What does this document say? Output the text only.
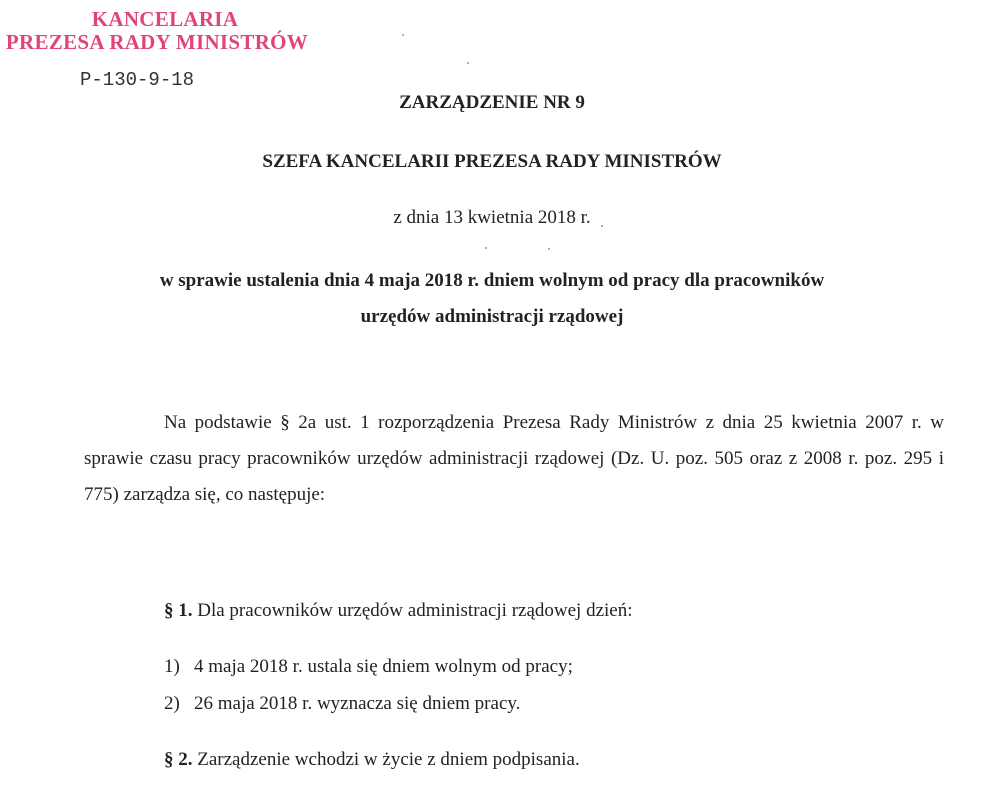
KANCELARIA
PREZESA RADY MINISTRÓW
P-130-9-18
ZARZĄDZENIE NR 9
SZEFA KANCELARII PREZESA RADY MINISTRÓW
z dnia 13 kwietnia 2018 r.
w sprawie ustalenia dnia 4 maja 2018 r. dniem wolnym od pracy dla pracowników
urzędów administracji rządowej
Na podstawie § 2a ust. 1 rozporządzenia Prezesa Rady Ministrów z dnia 25 kwietnia 2007 r. w sprawie czasu pracy pracowników urzędów administracji rządowej (Dz. U. poz. 505 oraz z 2008 r. poz. 295 i 775) zarządza się, co następuje:
§ 1. Dla pracowników urzędów administracji rządowej dzień:
1) 4 maja 2018 r. ustala się dniem wolnym od pracy;
2) 26 maja 2018 r. wyznacza się dniem pracy.
§ 2. Zarządzenie wchodzi w życie z dniem podpisania.
